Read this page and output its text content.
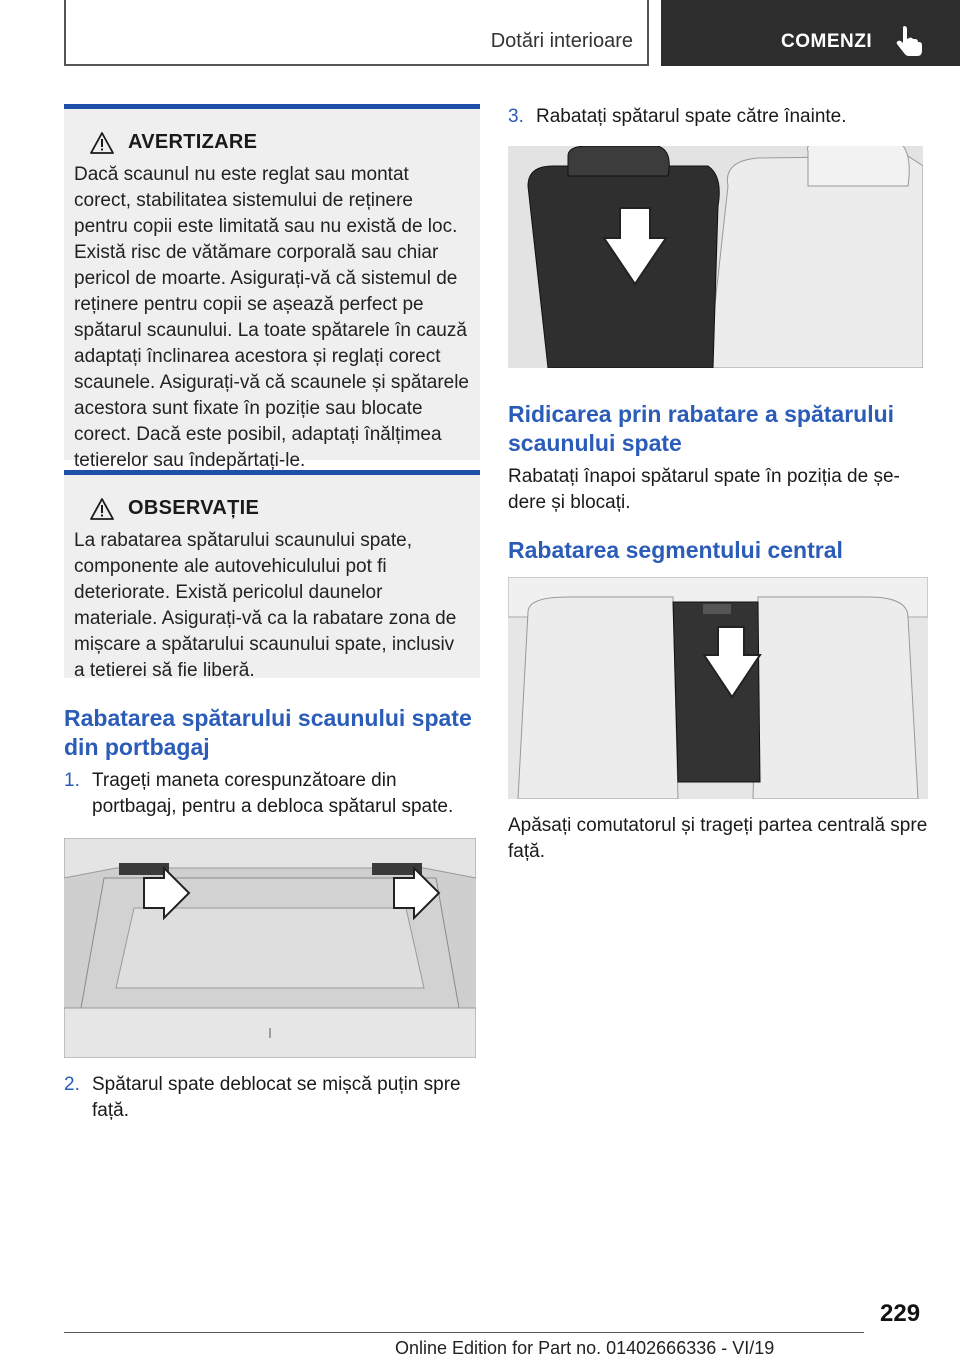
Dotări interioare	COMENZI
AVERTIZARE

Dacă scaunul nu este reglat sau montat corect, stabilitatea sistemului de reținere pentru copii este limitată sau nu există de loc. Există risc de vătămare corporală sau chiar pericol de moarte. Asigurați-vă că sistemul de reținere pentru copii se așează perfect pe spătarul scaunului. La toate spătarele în cauză adaptați înclinarea acestora și reglați corect scaunele. Asigurați-vă că scaunele și spătarele acestora sunt fixate în poziție sau blocate corect. Dacă este posibil, adaptați înălțimea tetierelor sau îndepărtați-le.

OBSERVAȚIE

La rabatarea spătarului scaunului spate, componente ale autovehiculului pot fi deteriorate. Există pericolul daunelor materiale. Asigurați-vă ca la rabatare zona de mișcare a spătarului scaunului spate, inclusiv a tetierei să fie liberă.

Rabatarea spătarului scaunului spate din portbagaj
1. Trageți maneta corespunzătoare din portbagaj, pentru a debloca spătarul spate.
2. Spătarul spate deblocat se mișcă puțin spre față.
3. Rabatați spătarul spate către înainte.
Ridicarea prin rabatare a spătarului scaunului spate

Rabatați înapoi spătarul spate în poziția de ședere și blocați.

Rabatarea segmentului central

Apăsați comutatorul și trageți partea centrală spre față.

229
Online Edition for Part no. 01402666336 - VI/19
